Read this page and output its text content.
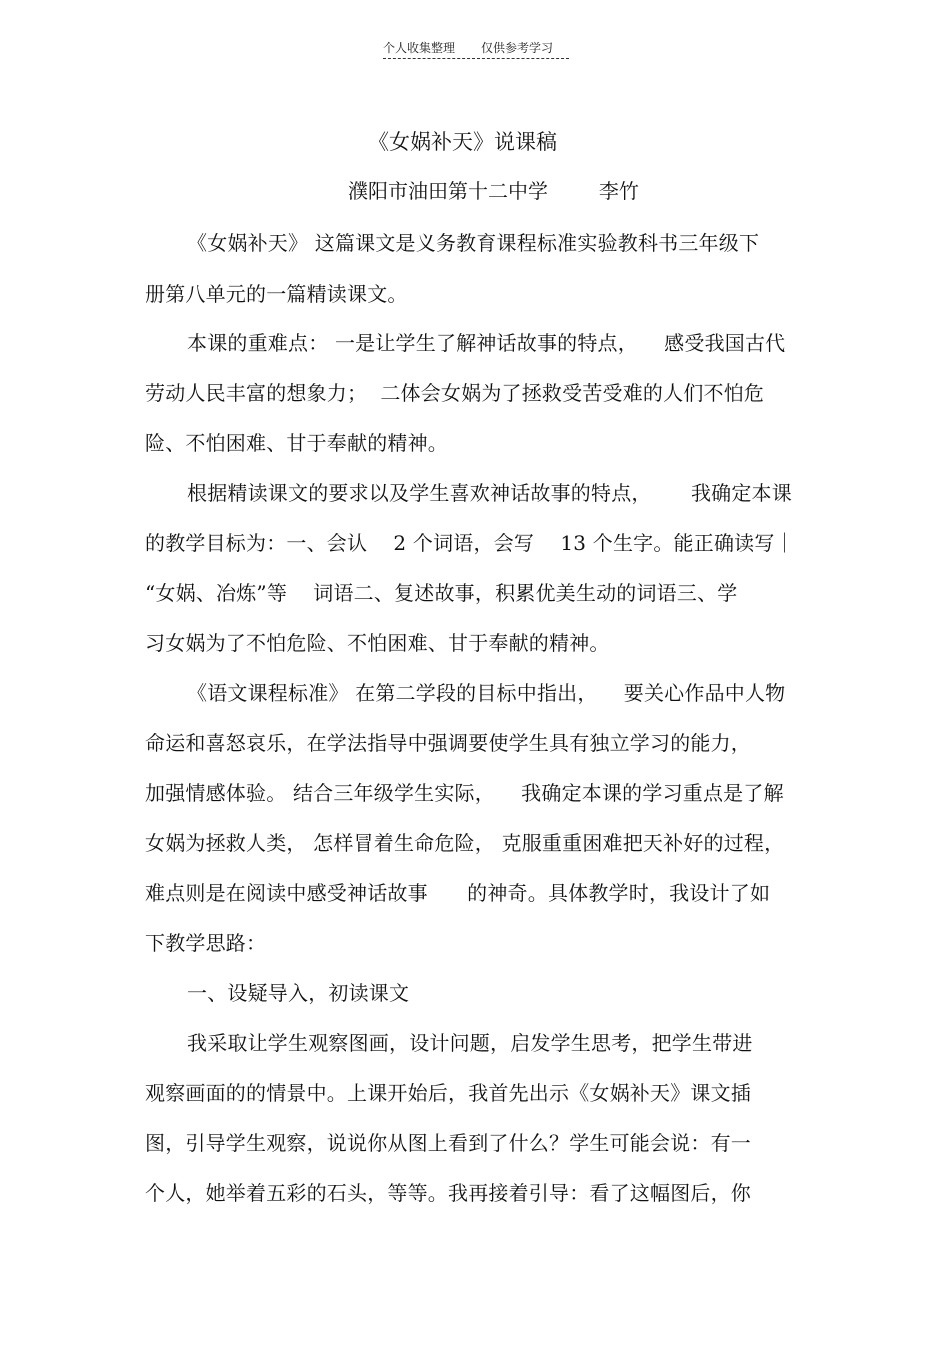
个人收集整理 仅供参考学习
《女娲补天》说课稿
濮阳市油田第十二中学        李竹
《女娲补天》 这篇课文是义务教育课程标准实验教科书三年级下
册第八单元的一篇精读课文。
本课的重难点： 一是让学生了解神话故事的特点，    感受我国古代
劳动人民丰富的想象力；  二体会女娲为了拯救受苦受难的人们不怕危
险、不怕困难、甘于奉献的精神。
根据精读课文的要求以及学生喜欢神话故事的特点，      我确定本课
的教学目标为：一、会认    2 个词语，会写    13 个生字。能正确读写｜
“女娲、冶炼”等    词语二、复述故事，积累优美生动的词语三、学
习女娲为了不怕危险、不怕困难、甘于奉献的精神。
《语文课程标准》 在第二学段的目标中指出，    要关心作品中人物
命运和喜怒哀乐，在学法指导中强调要使学生具有独立学习的能力，
加强情感体验。 结合三年级学生实际，    我确定本课的学习重点是了解
女娲为拯救人类， 怎样冒着生命危险， 克服重重困难把天补好的过程，
难点则是在阅读中感受神话故事      的神奇。具体教学时，我设计了如
下教学思路：
一、设疑导入，初读课文
我采取让学生观察图画，设计问题，启发学生思考，把学生带进
观察画面的的情景中。上课开始后，我首先出示《女娲补天》课文插
图，引导学生观察，说说你从图上看到了什么？学生可能会说：有一
个人，她举着五彩的石头，等等。我再接着引导：看了这幅图后，你
